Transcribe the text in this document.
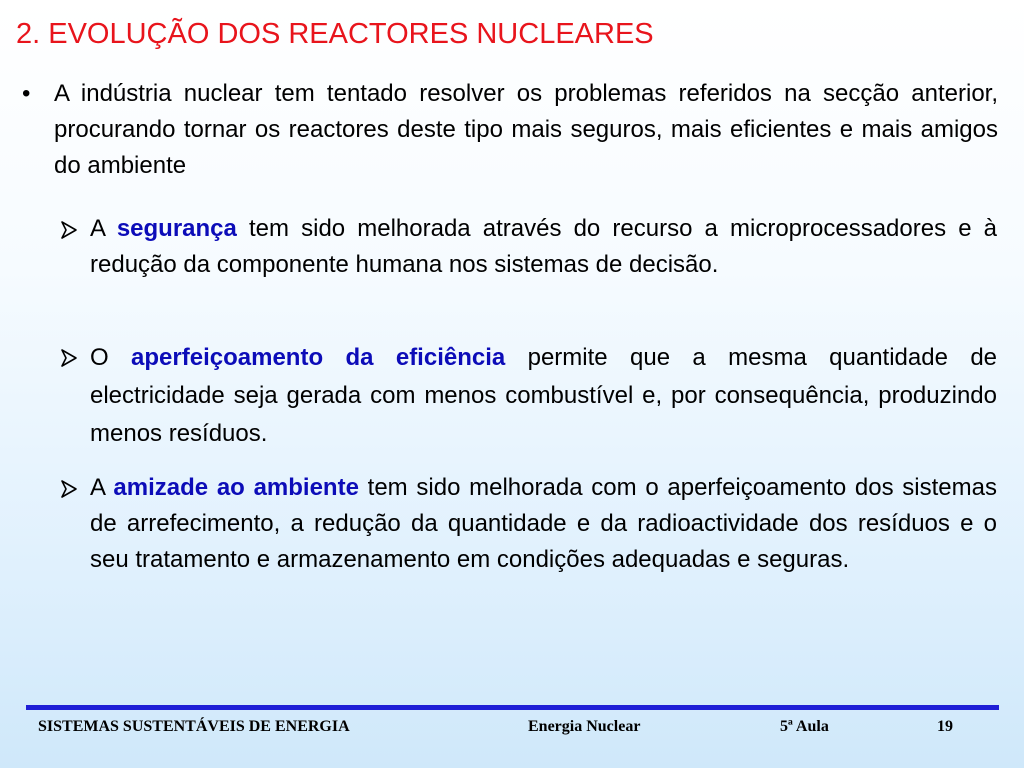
2. EVOLUÇÃO DOS REACTORES NUCLEARES
• A indústria nuclear tem tentado resolver os problemas referidos na secção anterior, procurando tornar os reactores deste tipo mais seguros, mais eficientes e mais amigos do ambiente
A segurança tem sido melhorada através do recurso a microprocessadores e à redução da componente humana nos sistemas de decisão.
O aperfeiçoamento da eficiência permite que a mesma quantidade de electricidade seja gerada com menos combustível e, por consequência, produzindo menos resíduos.
A amizade ao ambiente tem sido melhorada com o aperfeiçoamento dos sistemas de arrefecimento, a redução da quantidade e da radioactividade dos resíduos e o seu tratamento e armazenamento em condições adequadas e seguras.
SISTEMAS SUSTENTÁVEIS DE ENERGIA	Energia Nuclear	5ª Aula	19
